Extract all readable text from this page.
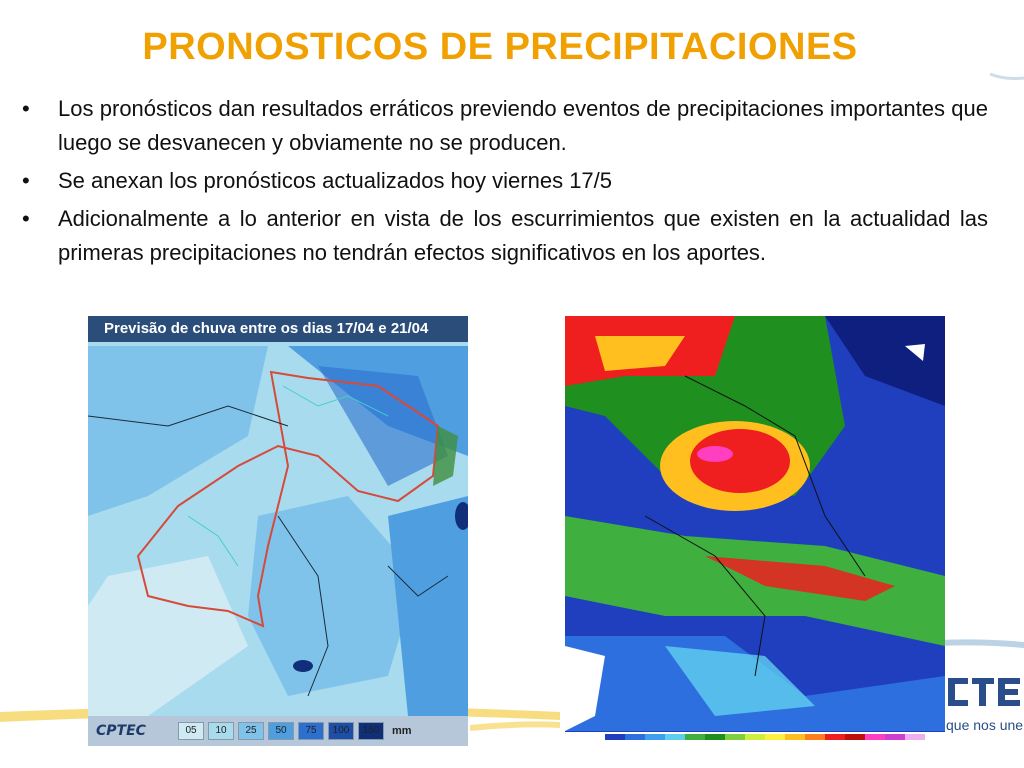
PRONOSTICOS DE PRECIPITACIONES
• Los pronósticos dan resultados erráticos previendo eventos de precipitaciones importantes que luego se desvanecen y obviamente no se producen.
• Se anexan los pronósticos actualizados hoy viernes 17/5
• Adicionalmente a lo anterior en vista de los escurrimientos que existen en la actualidad las primeras precipitaciones no tendrán efectos significativos en los aportes.
Previsão de chuva entre os dias 17/04 e 21/04
CPTEC	05	10	25	50	75	100	150	mm	que nos une
